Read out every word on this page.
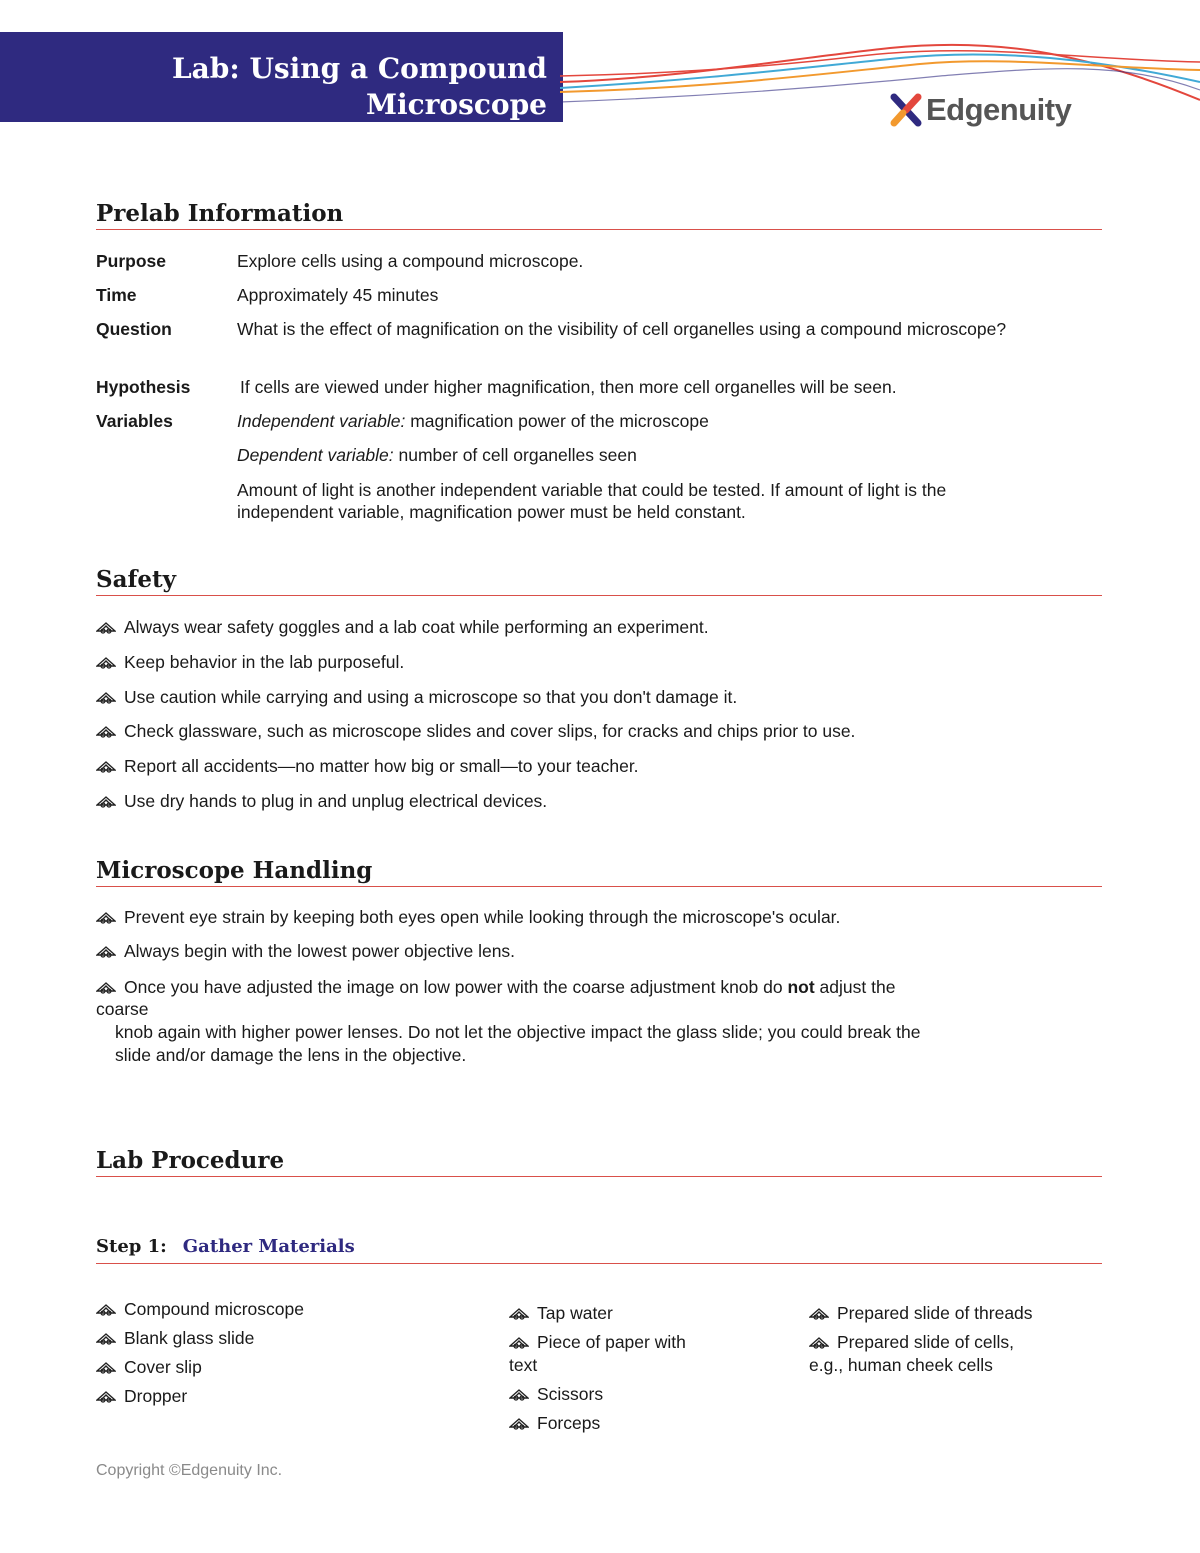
Lab: Using a Compound Microscope
Student Guide
Edgenuity
Prelab Information
Purpose	Explore cells using a compound microscope.
Time	Approximately 45 minutes
Question	What is the effect of magnification on the visibility of cell organelles using a compound microscope?
Hypothesis	If cells are viewed under higher magnification, then more cell organelles will be seen.
Variables	Independent variable: magnification power of the microscope
Dependent variable: number of cell organelles seen
Amount of light is another independent variable that could be tested. If amount of light is the independent variable, magnification power must be held constant.
Safety
Always wear safety goggles and a lab coat while performing an experiment.
Keep behavior in the lab purposeful.
Use caution while carrying and using a microscope so that you don't damage it.
Check glassware, such as microscope slides and cover slips, for cracks and chips prior to use.
Report all accidents—no matter how big or small—to your teacher.
Use dry hands to plug in and unplug electrical devices.
Microscope Handling
Prevent eye strain by keeping both eyes open while looking through the microscope's ocular.
Always begin with the lowest power objective lens.
Once you have adjusted the image on low power with the coarse adjustment knob do not adjust the
coarse
knob again with higher power lenses. Do not let the objective impact the glass slide; you could break the
slide and/or damage the lens in the objective.
Lab Procedure
Step 1: Gather Materials
Compound microscope
Blank glass slide
Cover slip
Dropper
Tap water
Piece of paper with
text
Scissors
Forceps
Prepared slide of threads
Prepared slide of cells,
e.g., human cheek cells
Copyright ©Edgenuity Inc.
